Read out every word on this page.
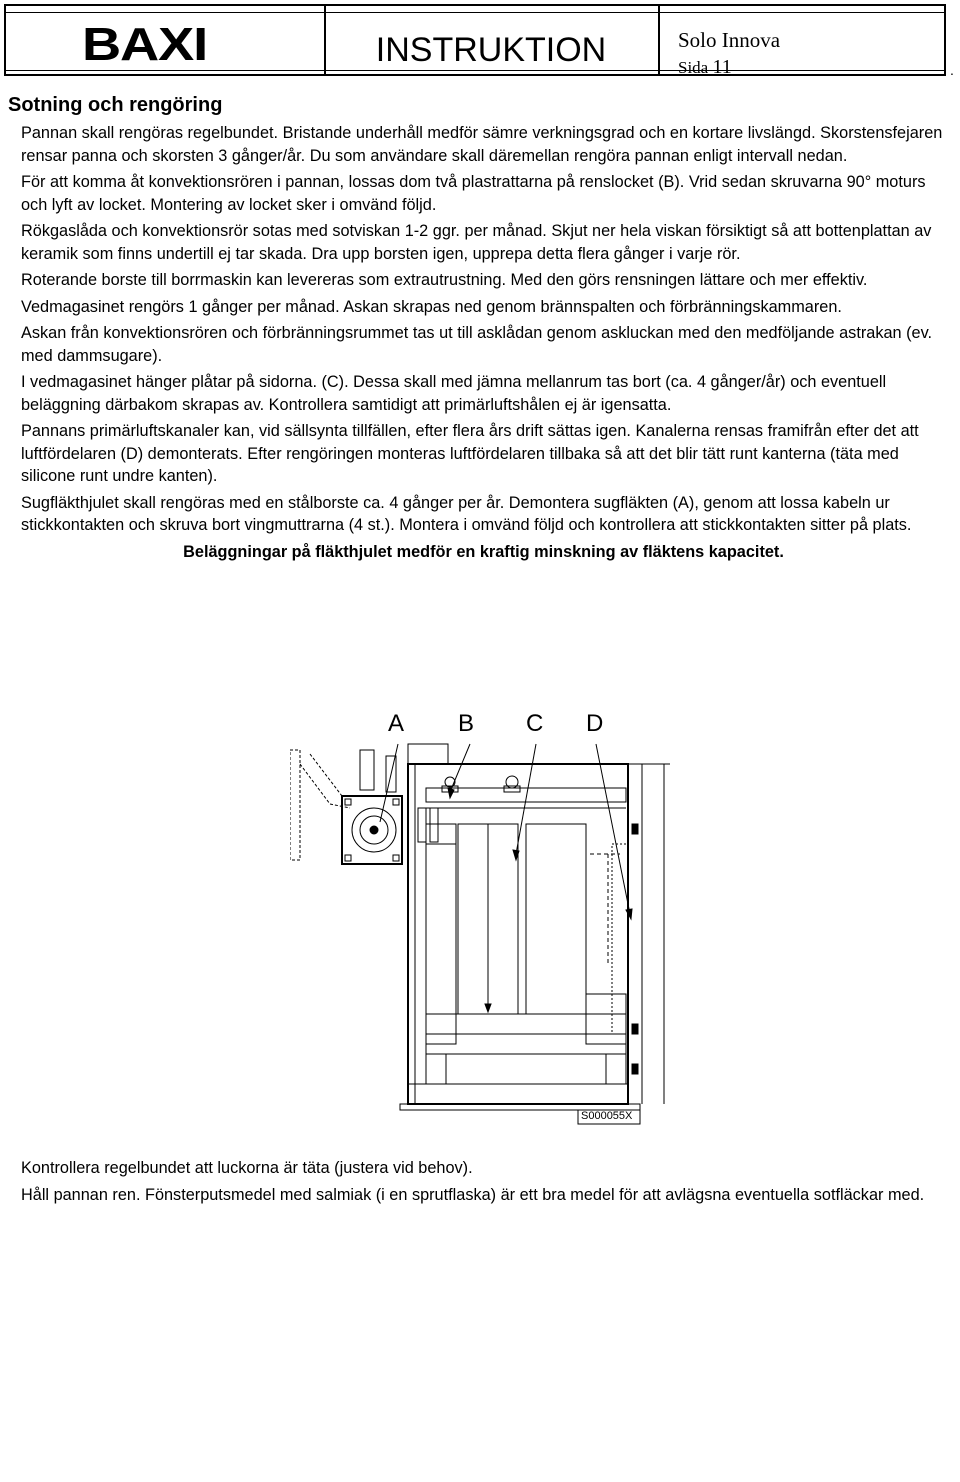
BAXI	INSTRUKTION	Solo Innova
Sida 11	.
Sotning och rengöring

Pannan skall rengöras regelbundet. Bristande underhåll medför sämre verkningsgrad och en kortare livslängd. Skorstensfejaren rensar panna och skorsten 3 gånger/år. Du som användare skall däremellan rengöra pannan enligt intervall nedan.

För att komma åt konvektionsrören i pannan, lossas dom två plastrattarna på renslocket (B). Vrid sedan skruvarna 90° moturs och lyft av locket. Montering av locket sker i omvänd följd.

Rökgaslåda och konvektionsrör sotas med sotviskan 1-2 ggr. per månad. Skjut ner hela viskan försiktigt så att bottenplattan av keramik som finns undertill ej tar skada. Dra upp borsten igen, upprepa detta flera gånger i varje rör.

Roterande borste till borrmaskin kan levereras som extrautrustning. Med den görs rensningen lättare och mer effektiv.

Vedmagasinet rengörs 1 gånger per månad. Askan skrapas ned genom brännspalten och förbränningskammaren.

Askan från konvektionsrören och förbränningsrummet tas ut till asklådan genom askluckan med den medföljande astrakan (ev. med dammsugare).

I vedmagasinet hänger plåtar på sidorna. (C). Dessa skall med jämna mellanrum tas bort (ca. 4 gånger/år) och eventuell beläggning därbakom skrapas av. Kontrollera samtidigt att primärluftshålen ej är igensatta.

Pannans primärluftskanaler kan, vid sällsynta tillfällen, efter flera års drift sättas igen. Kanalerna rensas framifrån efter det att luftfördelaren (D) demonterats. Efter rengöringen monteras luftfördelaren tillbaka så att det blir tätt runt kanterna (täta med silicone runt undre kanten).

Sugfläkthjulet skall rengöras med en stålborste ca. 4 gånger per år. Demontera sugfläkten (A), genom att lossa kabeln ur stickkontakten och skruva bort vingmuttrarna (4 st.). Montera i omvänd följd och kontrollera att stickkontakten sitter på plats.

Beläggningar på fläkthjulet medför en kraftig minskning av fläktens kapacitet.

A B C D
S000055X

Kontrollera regelbundet att luckorna är täta (justera vid behov).

Håll pannan ren. Fönsterputsmedel med salmiak (i en sprutflaska) är ett bra medel för att avlägsna eventuella sotfläckar med.
